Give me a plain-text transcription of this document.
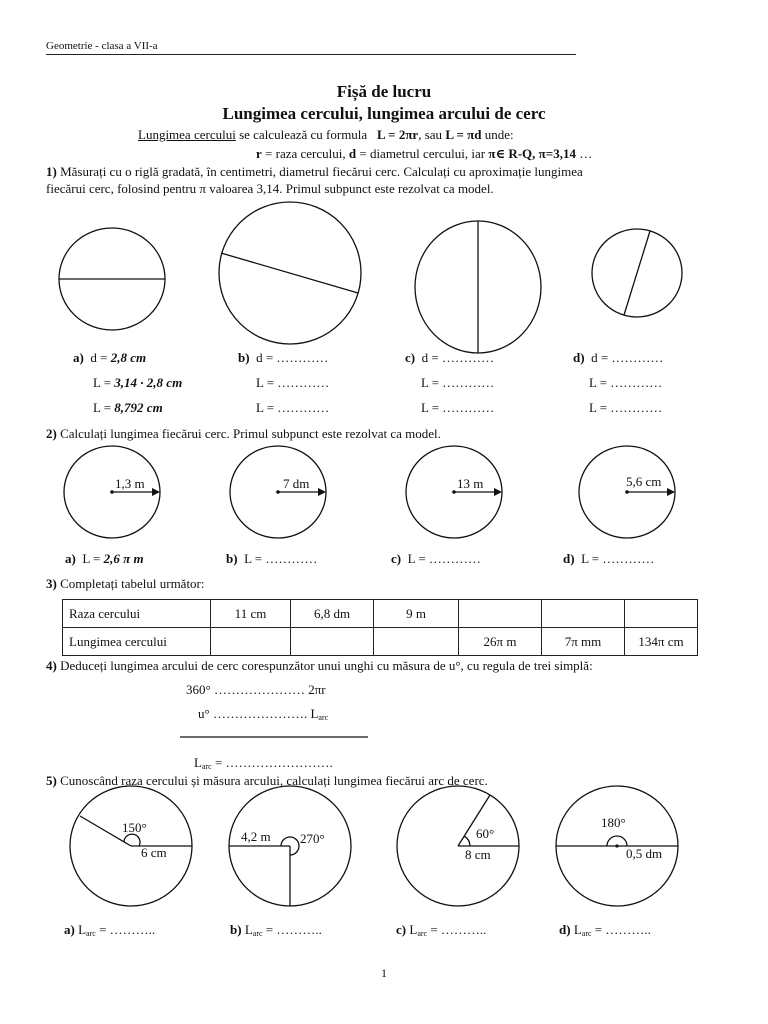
Geometrie - clasa a VII-a
Fișă de lucru
Lungimea cercului, lungimea arcului de cerc
Lungimea cercului se calculează cu formula   L = 2πr, sau L = πd unde:
r = raza cercului, d = diametrul cercului, iar π∈ R-Q, π=3,14 …
1) Măsurați cu o riglă gradată, în centimetri, diametrul fiecărui cerc. Calculați cu aproximație lungimea
fiecărui cerc, folosind pentru π valoarea 3,14. Primul subpunct este rezolvat ca model.
a) d = 2,8 cm
L = 3,14 · 2,8 cm
L = 8,792 cm
b) d = …………
L = …………
L = …………
c) d = …………
L = …………
L = …………
d) d = …………
L = …………
L = …………
2) Calculați lungimea fiecărui cerc. Primul subpunct este rezolvat ca model.
1,3 m	7 dm	13 m	5,6 cm
a) L = 2,6 π m	b) L = …………	c) L = …………	d) L = …………
3) Completați tabelul următor:
Raza cercului	11 cm	6,8 dm	9 m			
Lungimea cercului				26π m	7π mm	134π cm
4) Deduceți lungimea arcului de cerc corespunzător unui unghi cu măsura de u°, cu regula de trei simplă:
360° ………………… 2πr
u° …………………. $L_{arc}$
$L_{arc}$ = …………………….
5) Cunoscând raza cercului și măsura arcului, calculați lungimea fiecărui arc de cerc.
150°
6 cm
270°
4,2 m	60°
8 cm
180°
0,5 dm
a) $L_{arc}$ = ………..	b) $L_{arc}$ = ………..	c) $L_{arc}$ = ………..	d) $L_{arc}$ = ………..
1
